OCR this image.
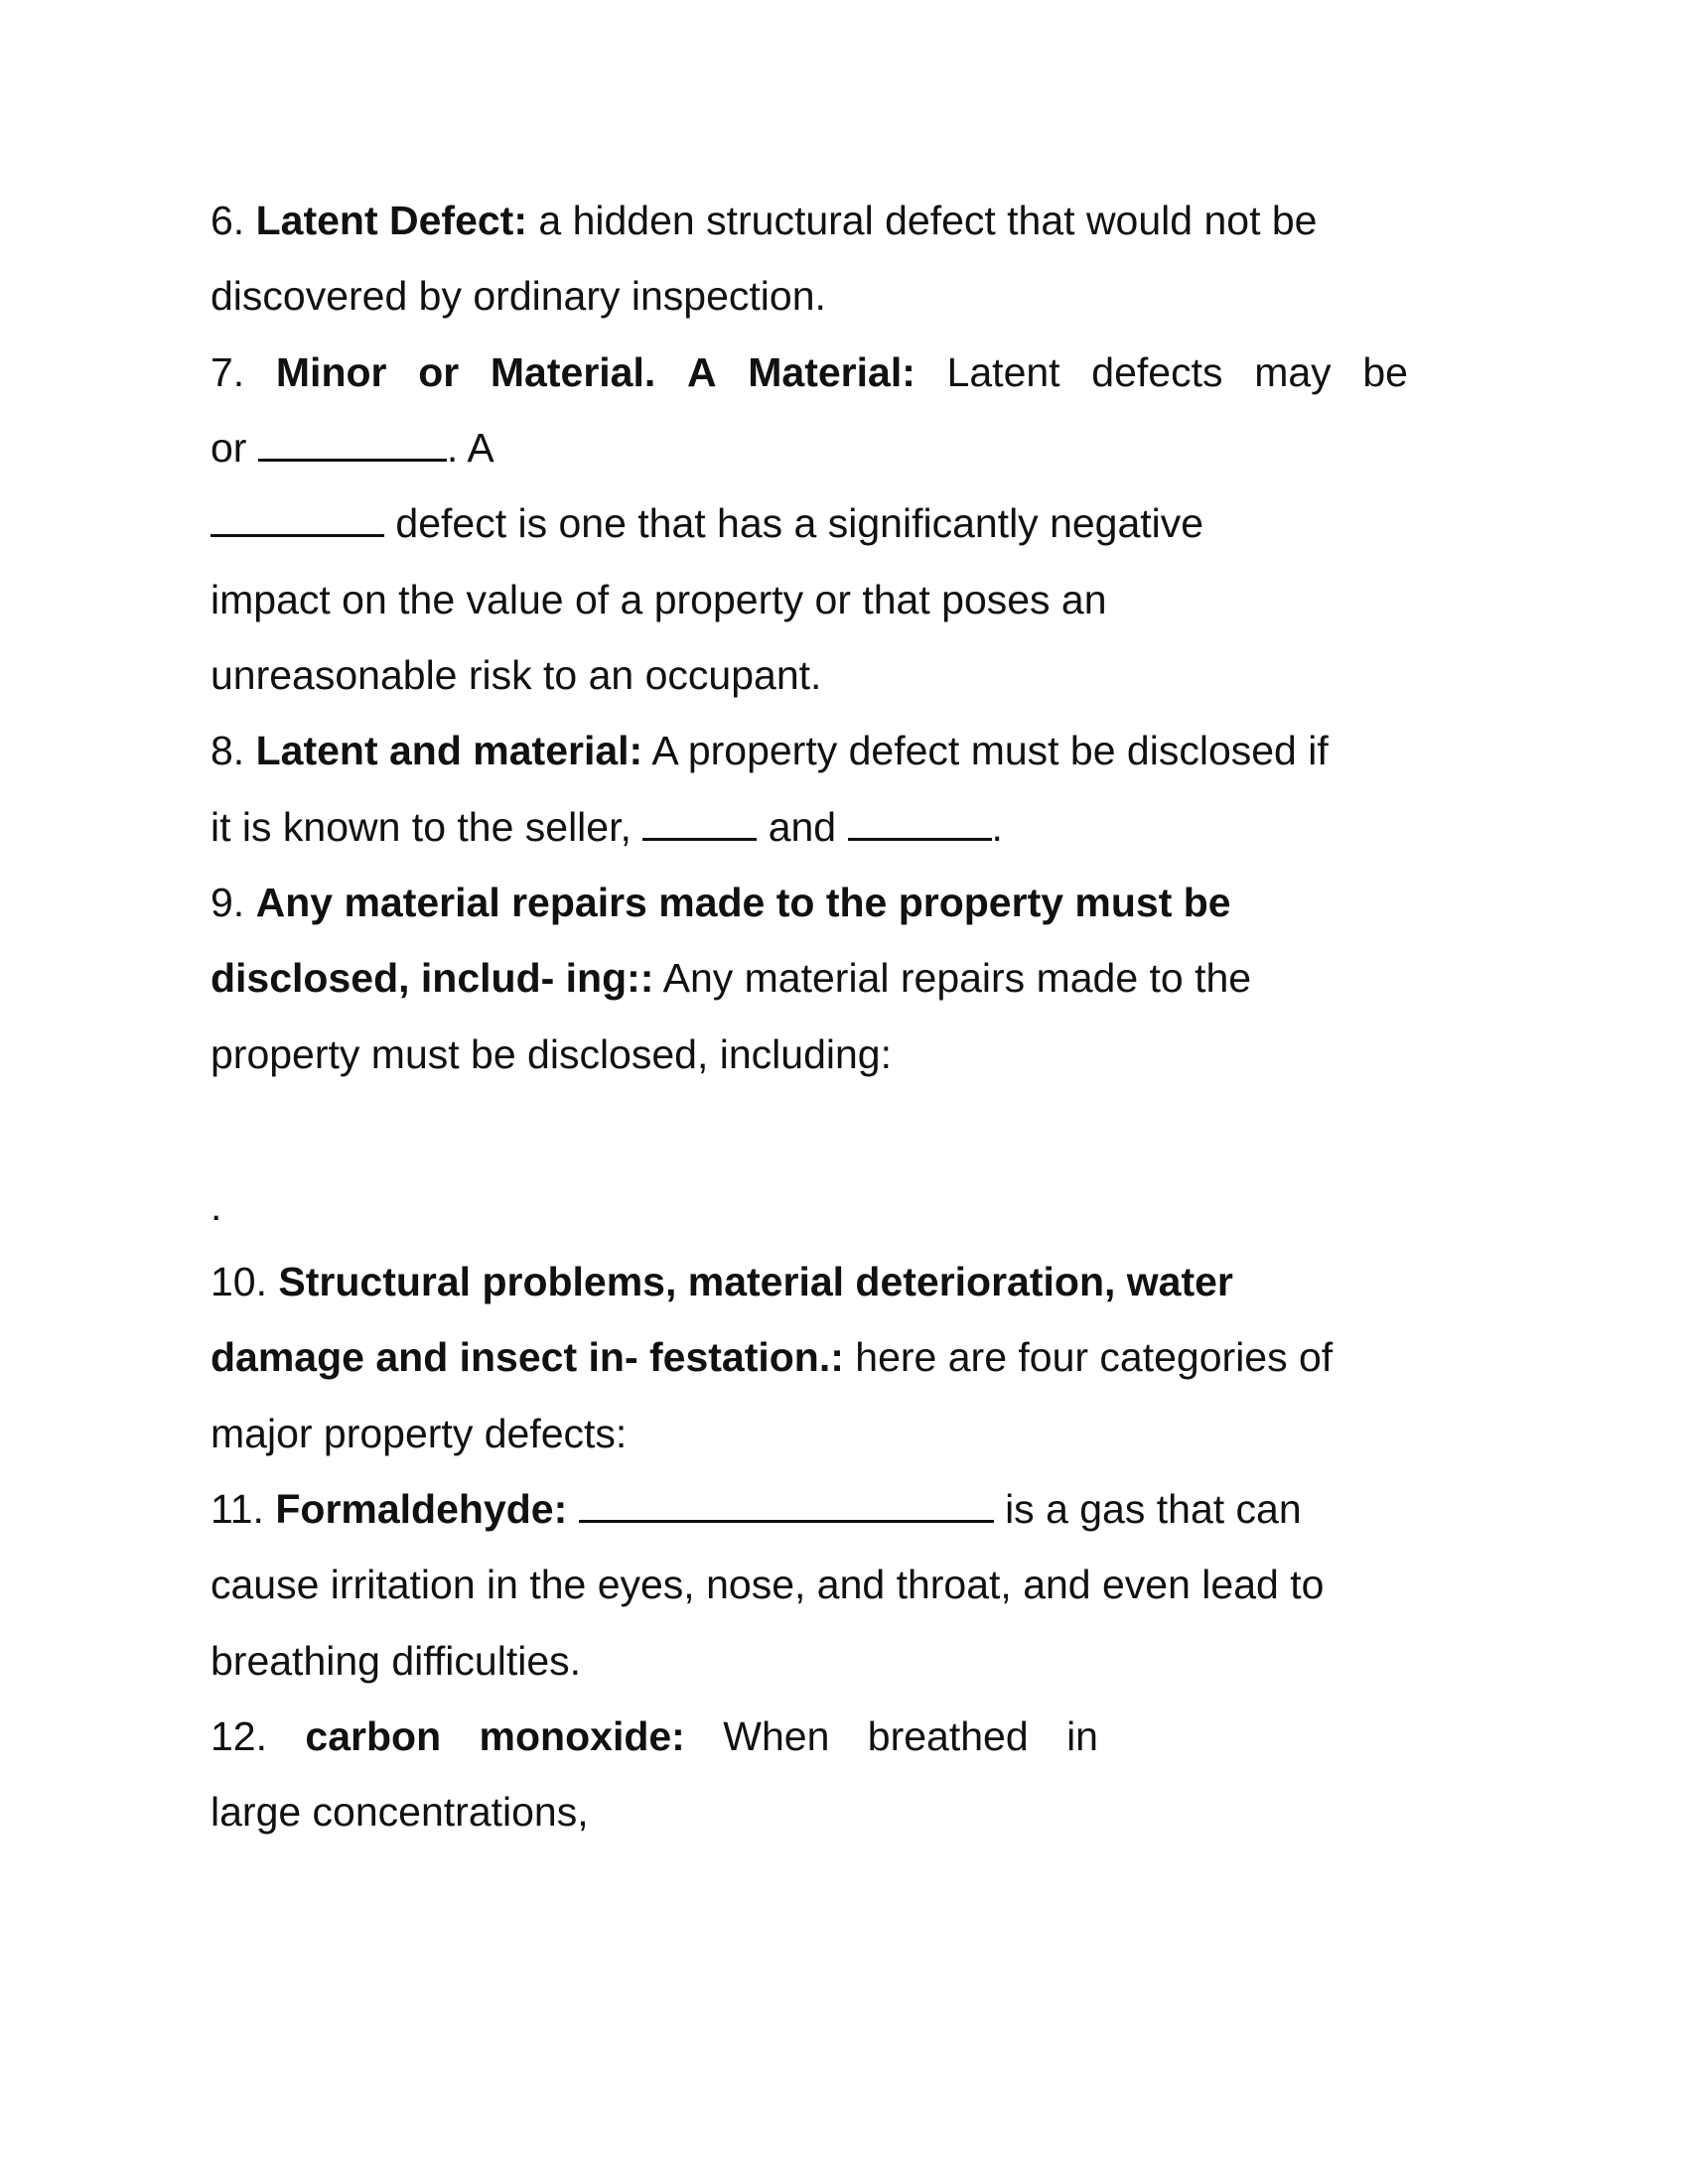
6. Latent Defect: a hidden structural defect that would not be
discovered by ordinary inspection.
7. Minor or Material. A Material: Latent defects may be
or	. A
defect is one that has a significantly negative
impact on the value of a property or that poses an
unreasonable risk to an occupant.
8. Latent and material: A property defect must be disclosed if
it is known to the seller,	and	.
9. Any material repairs made to the property must be
disclosed, includ- ing:: Any material repairs made to the
property must be disclosed, including:
.
10. Structural problems, material deterioration, water
damage and insect in- festation.: here are four categories of
major property defects:
11. Formaldehyde:	is a gas that can
cause irritation in the eyes, nose, and throat, and even lead to
breathing difficulties.
12. carbon monoxide: When breathed in
large concentrations,
